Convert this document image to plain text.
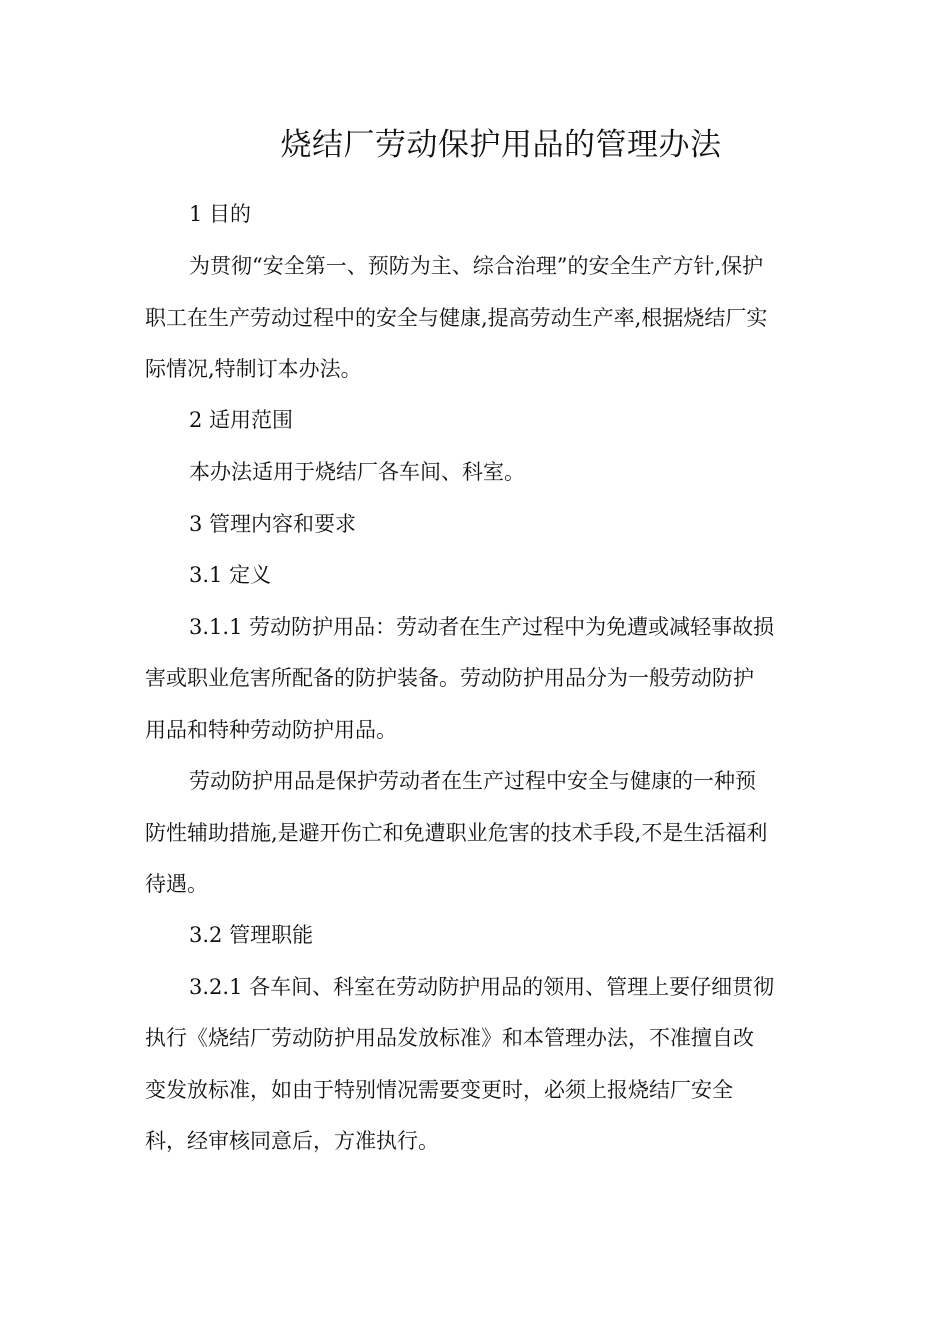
烧结厂劳动保护用品的管理办法
1 目的
为贯彻“安全第一、预防为主、综合治理”的安全生产方针,保护
职工在生产劳动过程中的安全与健康,提高劳动生产率,根据烧结厂实
际情况,特制订本办法。
2 适用范围
本办法适用于烧结厂各车间、科室。
3 管理内容和要求
3.1 定义
3.1.1 劳动防护用品：劳动者在生产过程中为免遭或减轻事故损
害或职业危害所配备的防护装备。劳动防护用品分为一般劳动防护
用品和特种劳动防护用品。
劳动防护用品是保护劳动者在生产过程中安全与健康的一种预
防性辅助措施,是避开伤亡和免遭职业危害的技术手段,不是生活福利
待遇。
3.2 管理职能
3.2.1 各车间、科室在劳动防护用品的领用、管理上要仔细贯彻
执行《烧结厂劳动防护用品发放标准》和本管理办法，不准擅自改
变发放标准，如由于特别情况需要变更时，必须上报烧结厂安全
科，经审核同意后，方准执行。
